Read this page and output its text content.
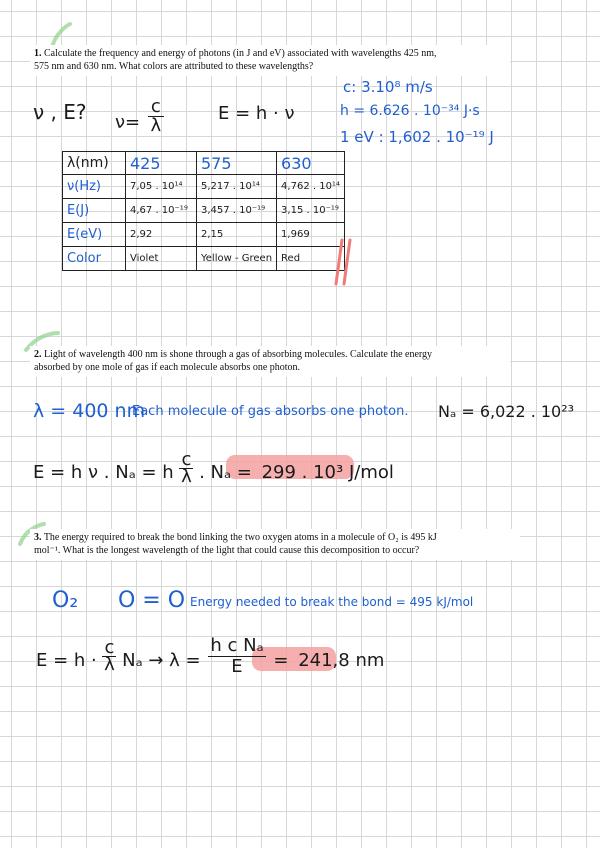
1. Calculate the frequency and energy of photons (in J and eV) associated with wavelengths 425 nm,
575 nm and 630 nm. What colors are attributed to these wavelengths?
ν , E? $\nu= \frac{c}{\lambda}$	E = h · ν
c: 3.10⁸ m/s
h = 6.626 . 10⁻³⁴ J·s
1 eV : 1,602 . 10⁻¹⁹ J
λ(nm)	425	575	630
ν(Hz)	7,05 . 10¹⁴	5,217 . 10¹⁴	4,762 . 10¹⁴
E(J)	4,67 . 10⁻¹⁹	3,457 . 10⁻¹⁹	3,15 . 10⁻¹⁹
E(eV)	2,92	2,15	1,969
Color	Violet	Yellow - Green	Red
2. Light of wavelength 400 nm is shone through a gas of absorbing molecules. Calculate the energy
absorbed by one mole of gas if each molecule absorbs one photon.
λ = 400 nm
Each molecule of gas absorbs one photon. Nₐ = 6,022 . 10²³
E = h ν . Nₐ = h $\frac{c}{\lambda}$ . Nₐ = 299 . 10³ J/mol
3. The energy required to break the bond linking the two oxygen atoms in a molecule of O₂ is 495 kJ
mol⁻¹. What is the longest wavelength of the light that could cause this decomposition to occur?
O₂ O = O Energy needed to break the bond = 495 kJ/mol
$E = h \cdot \frac{c}{\lambda}$ $N_a \to \lambda = \frac{\text{h c Nₐ}}{E} = 241,8$ nm
